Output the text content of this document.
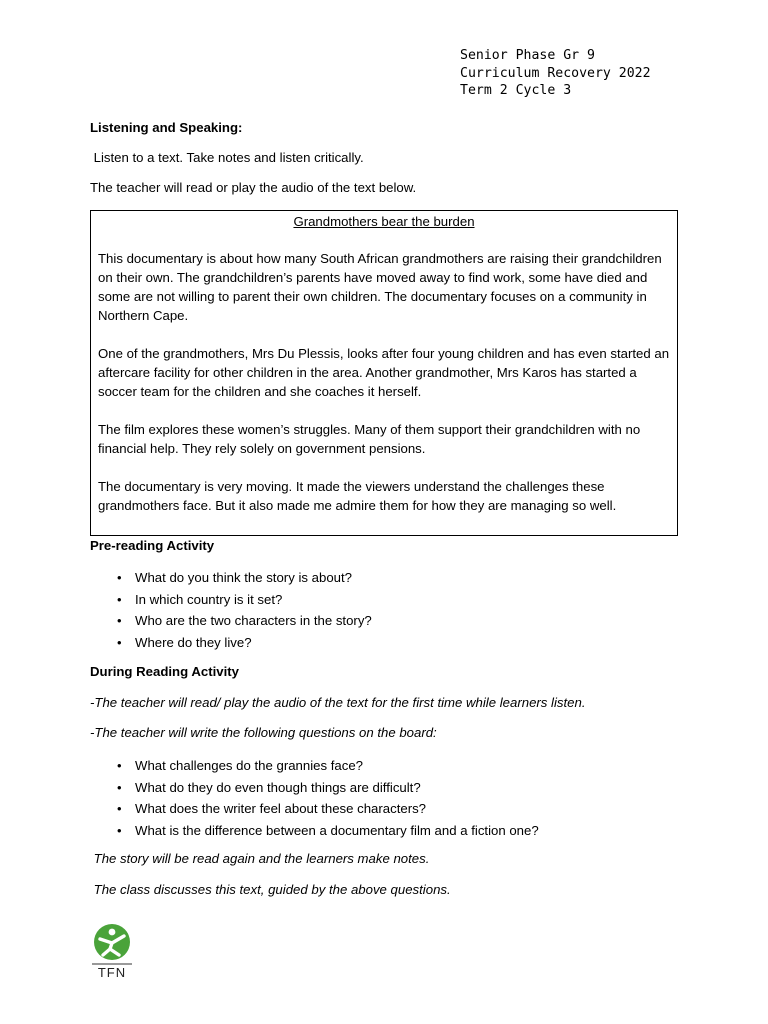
Senior Phase Gr 9
Curriculum Recovery 2022
Term 2 Cycle 3
Listening and Speaking:
Listen to a text. Take notes and listen critically.
The teacher will read or play the audio of the text below.
Grandmothers bear the burden
This documentary is about how many South African grandmothers are raising their grandchildren on their own. The grandchildren’s parents have moved away to find work, some have died and some are not willing to parent their own children. The documentary focuses on a community in Northern Cape.
One of the grandmothers, Mrs Du Plessis, looks after four young children and has even started an aftercare facility for other children in the area. Another grandmother, Mrs Karos has started a soccer team for the children and she coaches it herself.
The film explores these women’s struggles. Many of them support their grandchildren with no financial help. They rely solely on government pensions.
The documentary is very moving. It made the viewers understand the challenges these grandmothers face. But it also made me admire them for how they are managing so well.
Pre-reading Activity
• What do you think the story is about?
• In which country is it set?
• Who are the two characters in the story?
• Where do they live?
During Reading Activity
-The teacher will read/ play the audio of the text for the first time while learners listen.
-The teacher will write the following questions on the board:
• What challenges do the grannies face?
• What do they do even though things are difficult?
• What does the writer feel about these characters?
• What is the difference between a documentary film and a fiction one?
The story will be read again and the learners make notes.
The class discusses this text, guided by the above questions.
TFN
